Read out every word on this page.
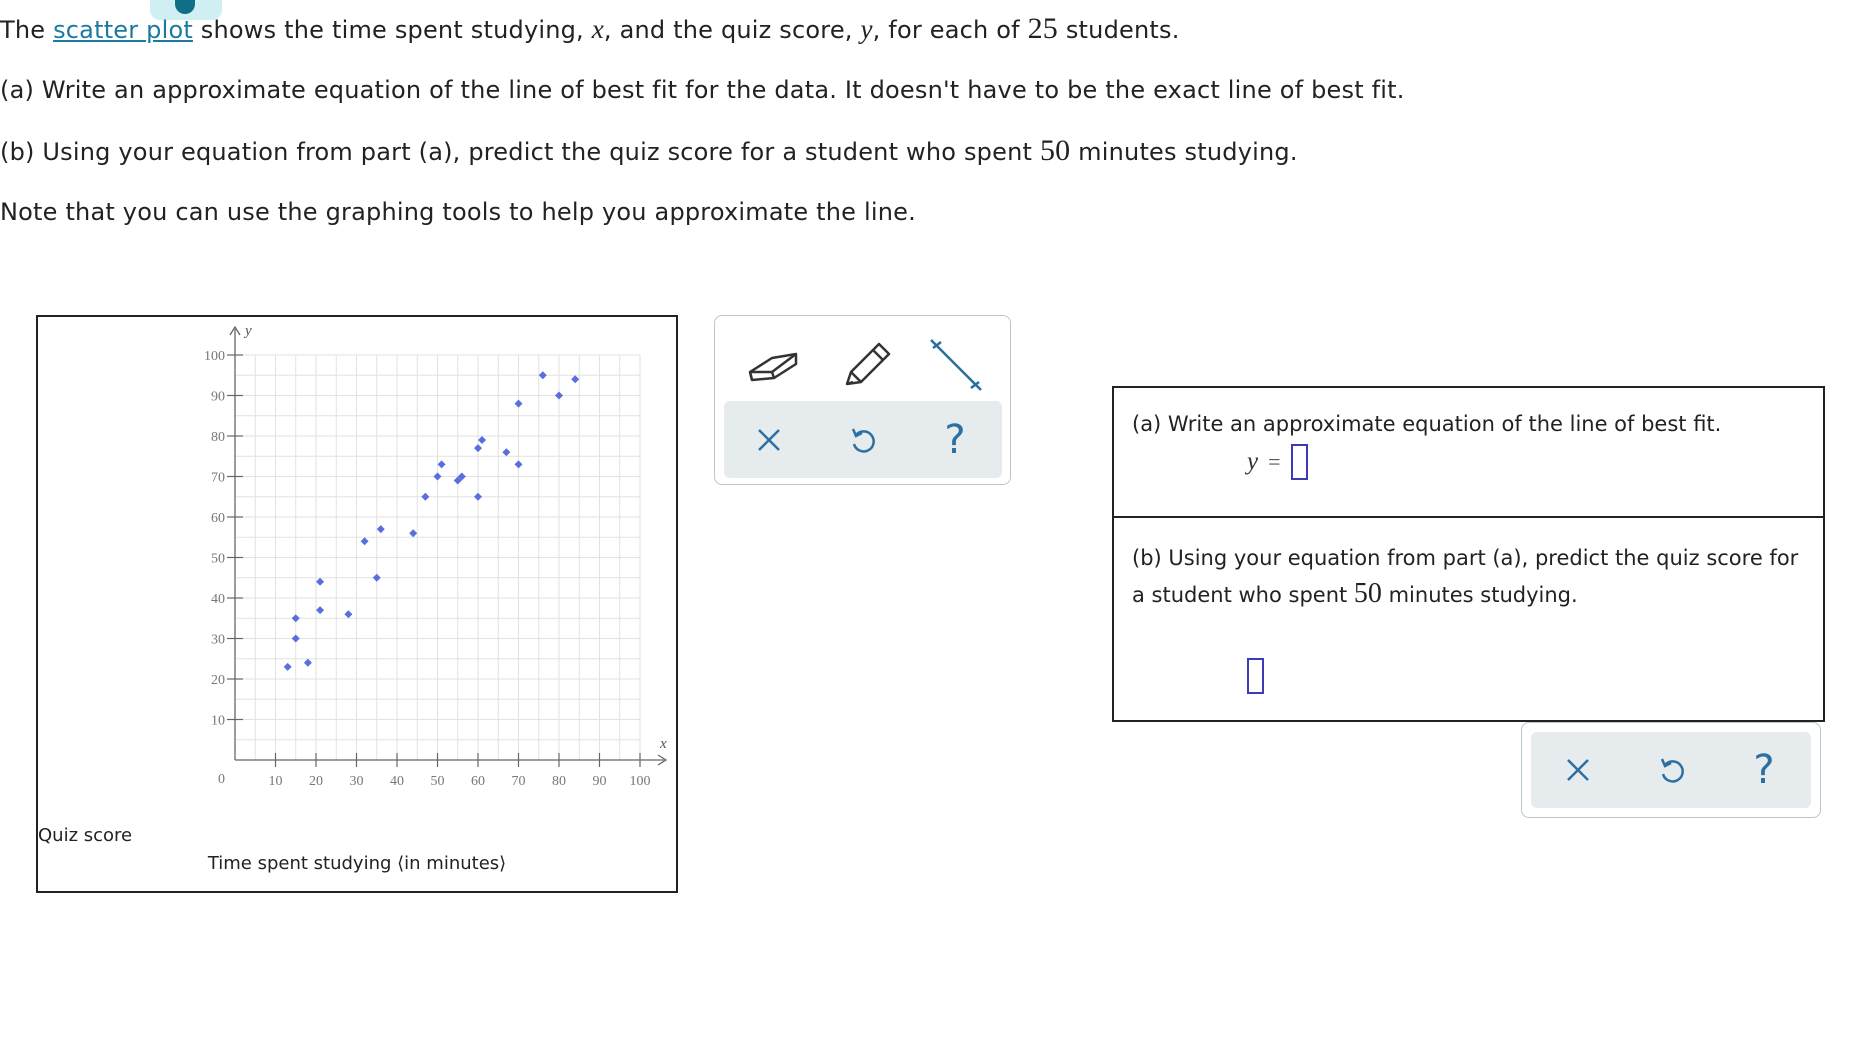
The scatter plot shows the time spent studying, x, and the quiz score, y, for each of 25 students.
(a) Write an approximate equation of the line of best fit for the data. It doesn't have to be the exact line of best fit.
(b) Using your equation from part (a), predict the quiz score for a student who spent 50 minutes studying.
Note that you can use the graphing tools to help you approximate the line.
x
y
10 20 30 40 50 60 70 80 90 100
10
20
30
40
50
60
70
80
90
100
0
Quiz score
Time spent studying ⟨in minutes⟩
?	(a) Write an approximate equation of the line of best fit.
y =
(b) Using your equation from part (a), predict the quiz score for
a student who spent 50 minutes studying.
?
